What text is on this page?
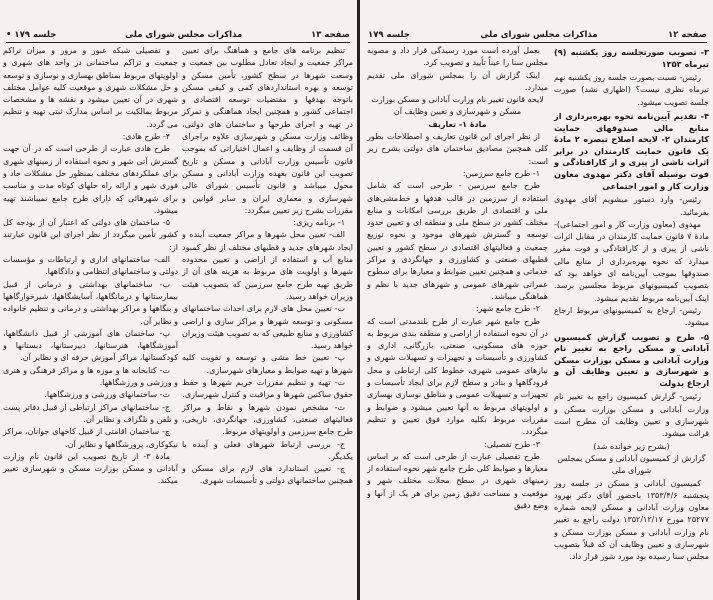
صفحه ۱۳
مذاکرات مجلس شورای ملی
جلسه ۱۷۹ •

تنظیم برنامه های جامع و هماهنگ برای تعیین مراکز جمعیت و ایجاد تعادل مطلوب بین جمعیت و وسعت شهرها در سطح کشور، تأمین مسکن و توسعه و بهره استانداردهای کمی و کیفی مسکن باتوجه بهدفها و مقتضیات توسعه اقتصادی و اجتماعی کشور و همچنین ایجاد هماهنگی و تمرکز در تهیه و اجرای طرحها و ساختمان های دولتی، وظائف وزارت مسکن و شهرسازی علاوه براجرای آن قسمت از وظایف و اعمال اختیاراتی که بموجب قانون تأسیس وزارت آبادانی و مسکن و تاریخ تصویب این قانون بعهده وزارت آبادانی و مسکن محول میباشد و قانون تأسیس شورای عالی شهرسازی و معماری ایران و سایر قوانین و مقررات بشرح زیر تعیین میگردد:

۱- برنامه ریزی:

الف- تعیین محل شهرها و مراکز جمعیت آینده و ایجاد شهرهای جدید و قطبهای مختلف از نظر کمبود منابع آب و استفاده از اراضی و تعیین محدوده شهرها و اولویت های مربوط به هزینه های آن از طریق تهیه طرح جامع سرزمین که بتصویب هیئت وزیران خواهد رسید.

ب- تعیین محل های لازم برای احداث ساختمانهای مسکونی و توسعه شهرها و مراکز سازی و اراضی کشاورزی و منابع طبیعی که به تصویب هیئت وزیران خواهد رسید.

پ- تعیین خط مشی و توسعه و تقویت کلیه شهرها و تهیه ضوابط و معیارهای شهرسازی.

ت- تهیه و تنظیم مقررات حریم شهرها و حفظ حقوق ساکنین شهرها و مراقبت و کنترل شهرسازی.

ث- مشخص نمودن شهرها و نقاط و مراکز فعالیتهای صنعتی، کشاورزی، جهانگردی، تاریخی، طرح جامع سرزمین و اولویتهای مربوط.

ج- بررسی ارتباط شهرهای فعلی و آینده با یکدیگر.

چ- تعیین استاندارد های لازم برای مسکن و همچنین ساختمانهای دولتی و تأسیسات شهری.

و تفصیلی شبکه عبور و مرور و میزان تراکم جمعیت و تراکم ساختمانی در واحد های شهری و اولویتهای مربوط بمناطق بهسازی و نوسازی و توسعه و حل مشکلات شهری و موقعیت کلیه عوامل مختلف شهری در آن تعیین میشود و نقشه ها و مشخصات مربوط بمالکیت بر اساس مدارک ثبتی تهیه و تنظیم می گردد.

۴- طرح هادی:

طرح هادی عبارت از طرحی است که در آن جهت گسترش آتی شهر و نحوه استفاده از زمینهای شهری برای عملکردهای مختلف بمنظور حل مشکلات حاد و فوری شهر و ارائه راه حلهای کوتاه مدت و مناسب برای شهرهائی که دارای طرح جامع نمیباشند تهیه میشود.

۵- ساختمان های دولتی که اعتبار آن از بودجه کل کشور تأمین میگردد از نظر اجرای این قانون عبارتند از:

الف- ساختمانهای اداری و ارتباطات و مؤسسات دولتی و ساختمانهای انتظامی و دادگاهها.

ب- ساختمانهای بهداشتی و درمانی از قبیل بیمارستانها و درمانگاهها، آسایشگاهها، شیرخوارگاهها و بنگاهها و مراکز بهداشتی و درمانی و تنظیم خانواده و نظایر آن.

پ- ساختمان های آموزشی از قبیل دانشگاهها، آموزشگاهها، هنرستانها، دبیرستانها، دبستانها و کودکستانها، مراکز آموزش حرفه ای و نظایر آن.

ت- کتابخانه ها و موزه ها و مراکز فرهنگی و هنری و ورزشی و ورزشگاهها.

ث- ساختمانهای ورزشی و ورزشگاهها.

ج- ساختمانهای مراکز ارتباطی از قبیل دفاتر پست و تلفن و تلگراف و نظایر آن.

چ- ساختمان اقامتی از قبیل کاخهای جوانان، مراکز نیکوکاری، پرورشگاهها و نظایر آن.

مادهٔ ۳- از تاریخ تصویب این قانون نام وزارت آبادانی و مسکن بوزارت مسکن و شهرسازی تغییر میکند.

صفحه ۱۲
مذاکرات مجلس شورای ملی
جلسه ۱۷۹

بعمل آورده است مورد رسیدگی قرار داد و مصوبه مجلس سنا را عیناً تأیید و تصویب کرد.

اینک گزارش آن را بمجلس شورای ملی تقدیم میدارد.

لایحه قانون تغییر نام وزارت آبادانی و مسکن بوزارت مسکن و شهرسازی و تعیین وظایف آن

مادهٔ ۱- تعاریف

از نظر اجرای این قانون تعاریف و اصطلاحات بطور کلی همچنین مصادیق ساختمان های دولتی بشرح زیر است:

۱- طرح جامع سرزمین:

طرح جامع سرزمین - طرحی است که شامل استفاده از سرزمین در قالب هدفها و خط‌مشی‌های ملی و اقتصادی از طریق بررسی امکانات و منابع مختلف کشور در سطح ملی و منطقه ای و تعیین حدود توسعه و گسترش شهرهای موجود و نحوه توزیع جمعیت و فعالیتهای اقتصادی در سطح کشور و تعیین قطبهای صنعتی و کشاورزی و جهانگردی و مراکز خدماتی و همچنین تعیین ضوابط و معیارها برای سطوح عمرانی شهرهای عمومی و شهرهای جدید با نظم و هماهنگی میباشد.

۲- طرح جامع شهر:

طرح جامع شهر عبارت از طرح بلندمدتی است که در آن نحوه استفاده از اراضی و منطقه بندی مربوط به حوزه های مسکونی، صنعتی، بازرگانی، اداری و کشاورزی و تأسیسات و تجهیزات و تسهیلات شهری و نیازهای عمومی شهری، خطوط کلی ارتباطی و محل فرودگاهها و بنادر و سطح لازم برای ایجاد تأسیسات و تجهیزات و تسهیلات عمومی و مناطق نوسازی بهسازی و اولویتهای مربوط به آنها تعیین میشود و ضوابط و مقررات مربوط بکلیه موارد فوق تعیین و تنظیم میگردد.

۳- طرح تفصیلی:

طرح تفصیلی عبارت از طرحی است که بر اساس معیارها و ضوابط کلی طرح جامع شهر نحوه استفاده از زمینهای شهری در سطح محلات مختلف شهر و موقعیت و مساحت دقیق زمین برای هر یک از آنها و وضع دقیق

۳- تصویب صورتجلسه روز یکشنبه (۹) تیرماه ۱۳۵۳

رئیس- نسبت بصورت جلسه روز یکشنبه نهم تیرماه نظری نیست؟ (اظهاری نشد) صورت جلسه تصویب میشود.

۴- تقدیم آیین‌نامه نحوه بهره‌برداری از منابع مالی صندوقهای حمایت کارمندان ۲- لایحه اصلاح تبصره ۲ مادهٔ یک قانون حمایت کارمندان در برابر اثرات ناشی از پیری و از کارافتادگی و فوت بوسیله آقای دکتر مهدوی معاون وزارت کار و امور اجتماعی

رئیس- وارد دستور میشویم آقای مهدوی بفرمائید.

مهدوی (معاون وزارت کار و امور اجتماعی)- مادهٔ ۷ قانون حمایت کارمندان در مقابل اثرات ناشی از پیری و از کارافتادگی و فوت مقرر میدارد که نحوه بهره‌برداری از منابع مالی صندوقها بموجب آیین‌نامه ای خواهد بود که بتصویب کمیسیونهای مربوط مجلسین برسد. اینک آیین‌نامه مربوط تقدیم میشود.

رئیس- ارجاع به کمیسیونهای مربوط ارجاع میشود.

۵- طرح و تصویب گزارش کمیسیون آبادانی و مسکن راجع به تغییر نام وزارت آبادانی و مسکن بوزارت مسکن و شهرسازی و تعیین وظایف آن و ارجاع بدولت

رئیس- گزارش کمیسیون راجع به تغییر نام وزارت آبادانی و مسکن بوزارت مسکن و شهرسازی و تعیین وظایف آن مطرح است قرائت میشود.

(بشرح زیر خوانده شد)

گزارش از کمیسیون آبادانی و مسکن بمجلس شورای ملی

کمیسیون آبادانی و مسکن در جلسه روز پنجشنبه ۱۳۵۳/۴/۶ باحضور آقای دکتر بهرود معاون وزارت آبادانی و مسکن لایحه شماره ۲۵۲۷۷ مورخ ۱۳۵۲/۱۲/۱۷ دولت راجع به تغییر نام وزارت آبادانی و مسکن بوزارت مسکن و شهرسازی و تعیین وظایف آن که قبلاً بتصویب مجلس سنا رسیده بود مورد شور قرار داد.
